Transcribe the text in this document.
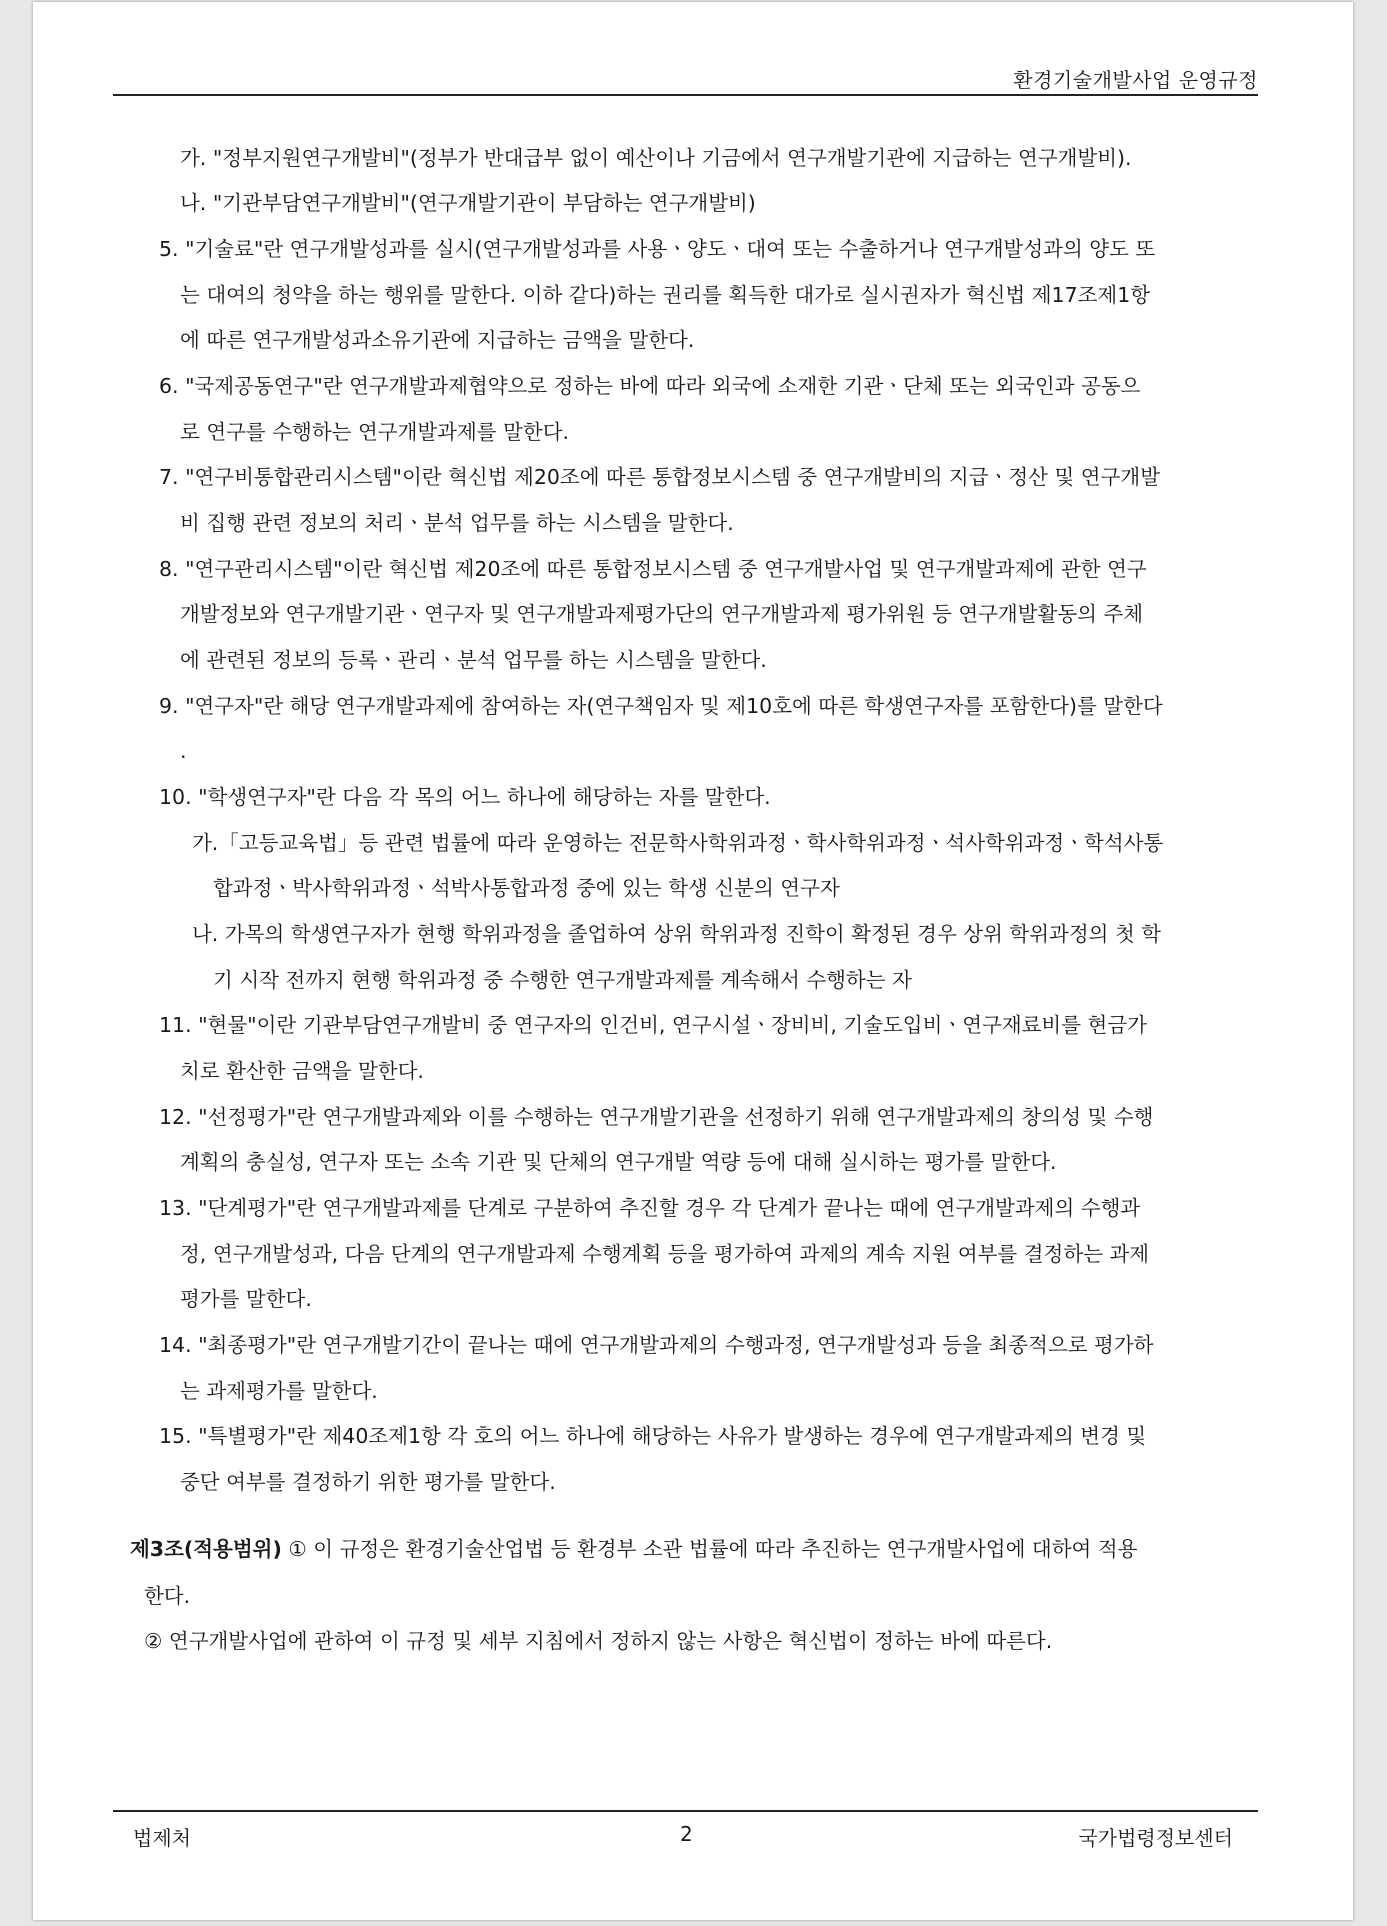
환경기술개발사업 운영규정
가. "정부지원연구개발비"(정부가 반대급부 없이 예산이나 기금에서 연구개발기관에 지급하는 연구개발비).
나. "기관부담연구개발비"(연구개발기관이 부담하는 연구개발비)
5. "기술료"란 연구개발성과를 실시(연구개발성과를 사용ㆍ양도ㆍ대여 또는 수출하거나 연구개발성과의 양도 또
는 대여의 청약을 하는 행위를 말한다. 이하 같다)하는 권리를 획득한 대가로 실시권자가 혁신법 제17조제1항
에 따른 연구개발성과소유기관에 지급하는 금액을 말한다.
6. "국제공동연구"란 연구개발과제협약으로 정하는 바에 따라 외국에 소재한 기관ㆍ단체 또는 외국인과 공동으
로 연구를 수행하는 연구개발과제를 말한다.
7. "연구비통합관리시스템"이란 혁신법 제20조에 따른 통합정보시스템 중 연구개발비의 지급ㆍ정산 및 연구개발
비 집행 관련 정보의 처리ㆍ분석 업무를 하는 시스템을 말한다.
8. "연구관리시스템"이란 혁신법 제20조에 따른 통합정보시스템 중 연구개발사업 및 연구개발과제에 관한 연구
개발정보와 연구개발기관ㆍ연구자 및 연구개발과제평가단의 연구개발과제 평가위원 등 연구개발활동의 주체
에 관련된 정보의 등록ㆍ관리ㆍ분석 업무를 하는 시스템을 말한다.
9. "연구자"란 해당 연구개발과제에 참여하는 자(연구책임자 및 제10호에 따른 학생연구자를 포함한다)를 말한다
.
10. "학생연구자"란 다음 각 목의 어느 하나에 해당하는 자를 말한다.
가.「고등교육법」등 관련 법률에 따라 운영하는 전문학사학위과정ㆍ학사학위과정ㆍ석사학위과정ㆍ학석사통
합과정ㆍ박사학위과정ㆍ석박사통합과정 중에 있는 학생 신분의 연구자
나. 가목의 학생연구자가 현행 학위과정을 졸업하여 상위 학위과정 진학이 확정된 경우 상위 학위과정의 첫 학
기 시작 전까지 현행 학위과정 중 수행한 연구개발과제를 계속해서 수행하는 자
11. "현물"이란 기관부담연구개발비 중 연구자의 인건비, 연구시설ㆍ장비비, 기술도입비ㆍ연구재료비를 현금가
치로 환산한 금액을 말한다.
12. "선정평가"란 연구개발과제와 이를 수행하는 연구개발기관을 선정하기 위해 연구개발과제의 창의성 및 수행
계획의 충실성, 연구자 또는 소속 기관 및 단체의 연구개발 역량 등에 대해 실시하는 평가를 말한다.
13. "단계평가"란 연구개발과제를 단계로 구분하여 추진할 경우 각 단계가 끝나는 때에 연구개발과제의 수행과
정, 연구개발성과, 다음 단계의 연구개발과제 수행계획 등을 평가하여 과제의 계속 지원 여부를 결정하는 과제
평가를 말한다.
14. "최종평가"란 연구개발기간이 끝나는 때에 연구개발과제의 수행과정, 연구개발성과 등을 최종적으로 평가하
는 과제평가를 말한다.
15. "특별평가"란 제40조제1항 각 호의 어느 하나에 해당하는 사유가 발생하는 경우에 연구개발과제의 변경 및
중단 여부를 결정하기 위한 평가를 말한다.
제3조(적용범위) ① 이 규정은 환경기술산업법 등 환경부 소관 법률에 따라 추진하는 연구개발사업에 대하여 적용
한다.
② 연구개발사업에 관하여 이 규정 및 세부 지침에서 정하지 않는 사항은 혁신법이 정하는 바에 따른다.
법제처	2	국가법령정보센터
